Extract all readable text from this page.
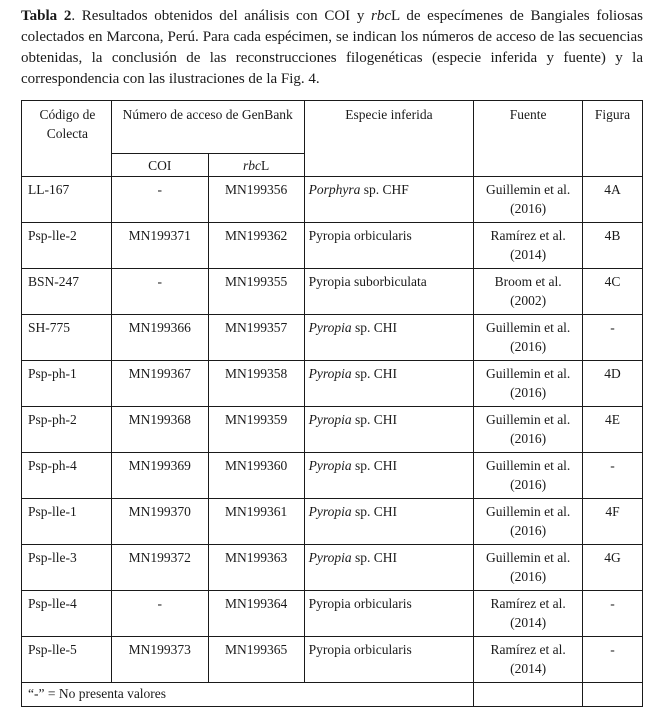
Tabla 2. Resultados obtenidos del análisis con COI y rbcL de especímenes de Bangiales foliosas colectados en Marcona, Perú. Para cada espécimen, se indican los números de acceso de las secuencias obtenidas, la conclusión de las reconstrucciones filogenéticas (especie inferida y fuente) y la correspondencia con las ilustraciones de la Fig. 4.
Código de Colecta	Número de acceso de GenBank		Especie inferida	Fuente	Figura
	COI	rbcL			
LL-167	-	MN199356	Porphyra sp. CHF	Guillemin et al. (2016)	4A
Psp-lle-2	MN199371	MN199362	Pyropia orbicularis	Ramírez et al. (2014)	4B
BSN-247	-	MN199355	Pyropia suborbiculata	Broom et al. (2002)	4C
SH-775	MN199366	MN199357	Pyropia sp. CHI	Guillemin et al. (2016)	-
Psp-ph-1	MN199367	MN199358	Pyropia sp. CHI	Guillemin et al. (2016)	4D
Psp-ph-2	MN199368	MN199359	Pyropia sp. CHI	Guillemin et al. (2016)	4E
Psp-ph-4	MN199369	MN199360	Pyropia sp. CHI	Guillemin et al. (2016)	-
Psp-lle-1	MN199370	MN199361	Pyropia sp. CHI	Guillemin et al. (2016)	4F
Psp-lle-3	MN199372	MN199363	Pyropia sp. CHI	Guillemin et al. (2016)	4G
Psp-lle-4	-	MN199364	Pyropia orbicularis	Ramírez et al. (2014)	-
Psp-lle-5	MN199373	MN199365	Pyropia orbicularis	Ramírez et al. (2014)	-
“-” = No presenta valores					
